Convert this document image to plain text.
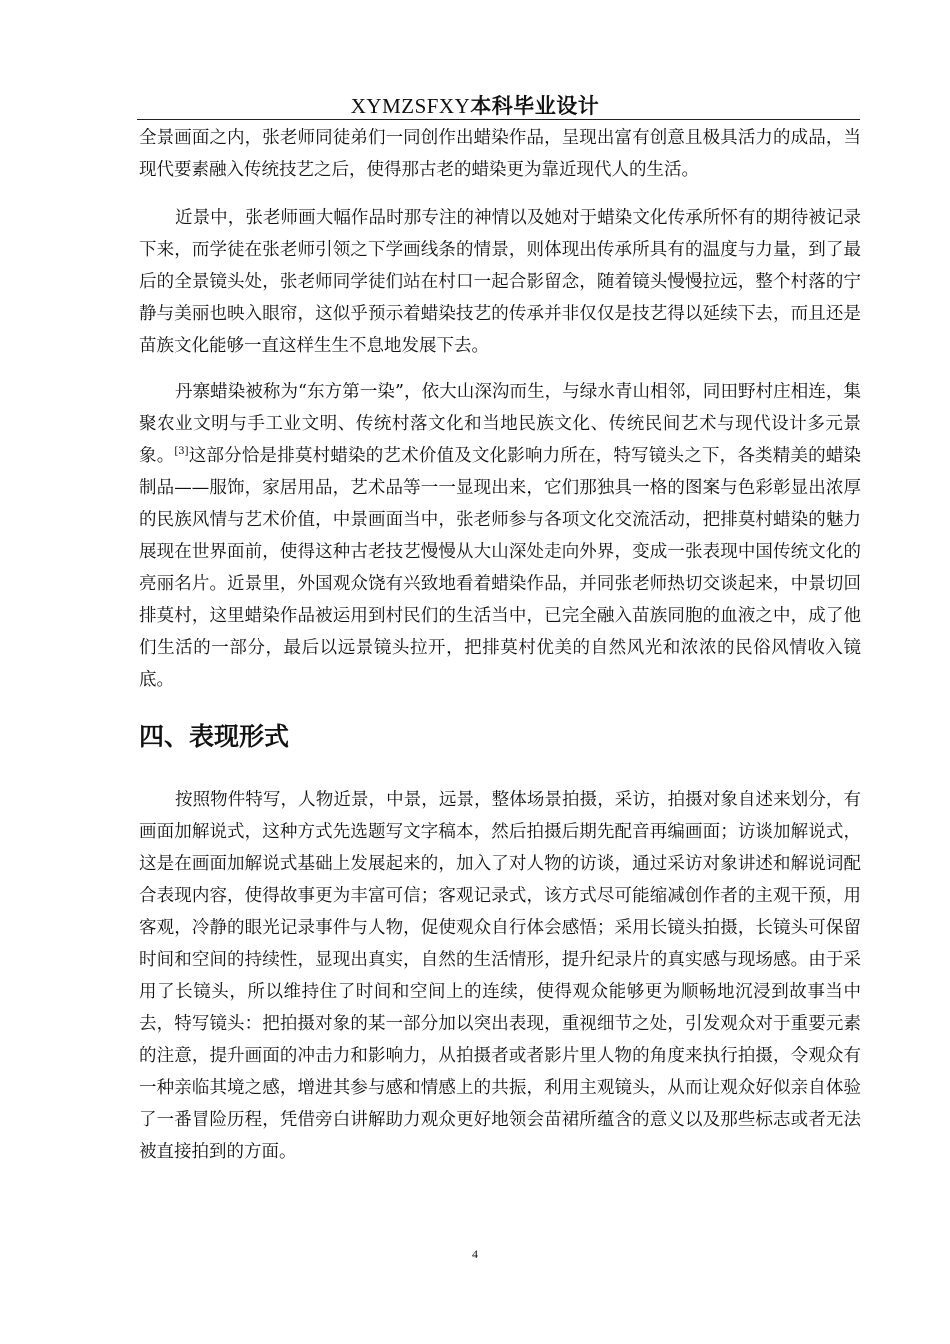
XYMZSFXY本科毕业设计

全景画面之内，张老师同徒弟们一同创作出蜡染作品，呈现出富有创意且极具活力的成品，当现代要素融入传统技艺之后，使得那古老的蜡染更为靠近现代人的生活。

近景中，张老师画大幅作品时那专注的神情以及她对于蜡染文化传承所怀有的期待被记录下来，而学徒在张老师引领之下学画线条的情景，则体现出传承所具有的温度与力量，到了最后的全景镜头处，张老师同学徒们站在村口一起合影留念，随着镜头慢慢拉远，整个村落的宁静与美丽也映入眼帘，这似乎预示着蜡染技艺的传承并非仅仅是技艺得以延续下去，而且还是苗族文化能够一直这样生生不息地发展下去。

丹寨蜡染被称为“东方第一染”，依大山深沟而生，与绿水青山相邻，同田野村庄相连，集聚农业文明与手工业文明、传统村落文化和当地民族文化、传统民间艺术与现代设计多元景象。[3]这部分恰是排莫村蜡染的艺术价值及文化影响力所在，特写镜头之下，各类精美的蜡染制品——服饰，家居用品，艺术品等一一显现出来，它们那独具一格的图案与色彩彰显出浓厚的民族风情与艺术价值，中景画面当中，张老师参与各项文化交流活动，把排莫村蜡染的魅力展现在世界面前，使得这种古老技艺慢慢从大山深处走向外界，变成一张表现中国传统文化的亮丽名片。近景里，外国观众饶有兴致地看着蜡染作品，并同张老师热切交谈起来，中景切回排莫村，这里蜡染作品被运用到村民们的生活当中，已完全融入苗族同胞的血液之中，成了他们生活的一部分，最后以远景镜头拉开，把排莫村优美的自然风光和浓浓的民俗风情收入镜底。

四、表现形式

按照物件特写，人物近景，中景，远景，整体场景拍摄，采访，拍摄对象自述来划分，有画面加解说式，这种方式先选题写文字稿本，然后拍摄后期先配音再编画面；访谈加解说式，这是在画面加解说式基础上发展起来的，加入了对人物的访谈，通过采访对象讲述和解说词配合表现内容，使得故事更为丰富可信；客观记录式，该方式尽可能缩减创作者的主观干预，用客观，冷静的眼光记录事件与人物，促使观众自行体会感悟；采用长镜头拍摄，长镜头可保留时间和空间的持续性，显现出真实，自然的生活情形，提升纪录片的真实感与现场感。由于采用了长镜头，所以维持住了时间和空间上的连续，使得观众能够更为顺畅地沉浸到故事当中去，特写镜头：把拍摄对象的某一部分加以突出表现，重视细节之处，引发观众对于重要元素的注意，提升画面的冲击力和影响力，从拍摄者或者影片里人物的角度来执行拍摄，令观众有一种亲临其境之感，增进其参与感和情感上的共振，利用主观镜头，从而让观众好似亲自体验了一番冒险历程，凭借旁白讲解助力观众更好地领会苗裙所蕴含的意义以及那些标志或者无法被直接拍到的方面。

4
